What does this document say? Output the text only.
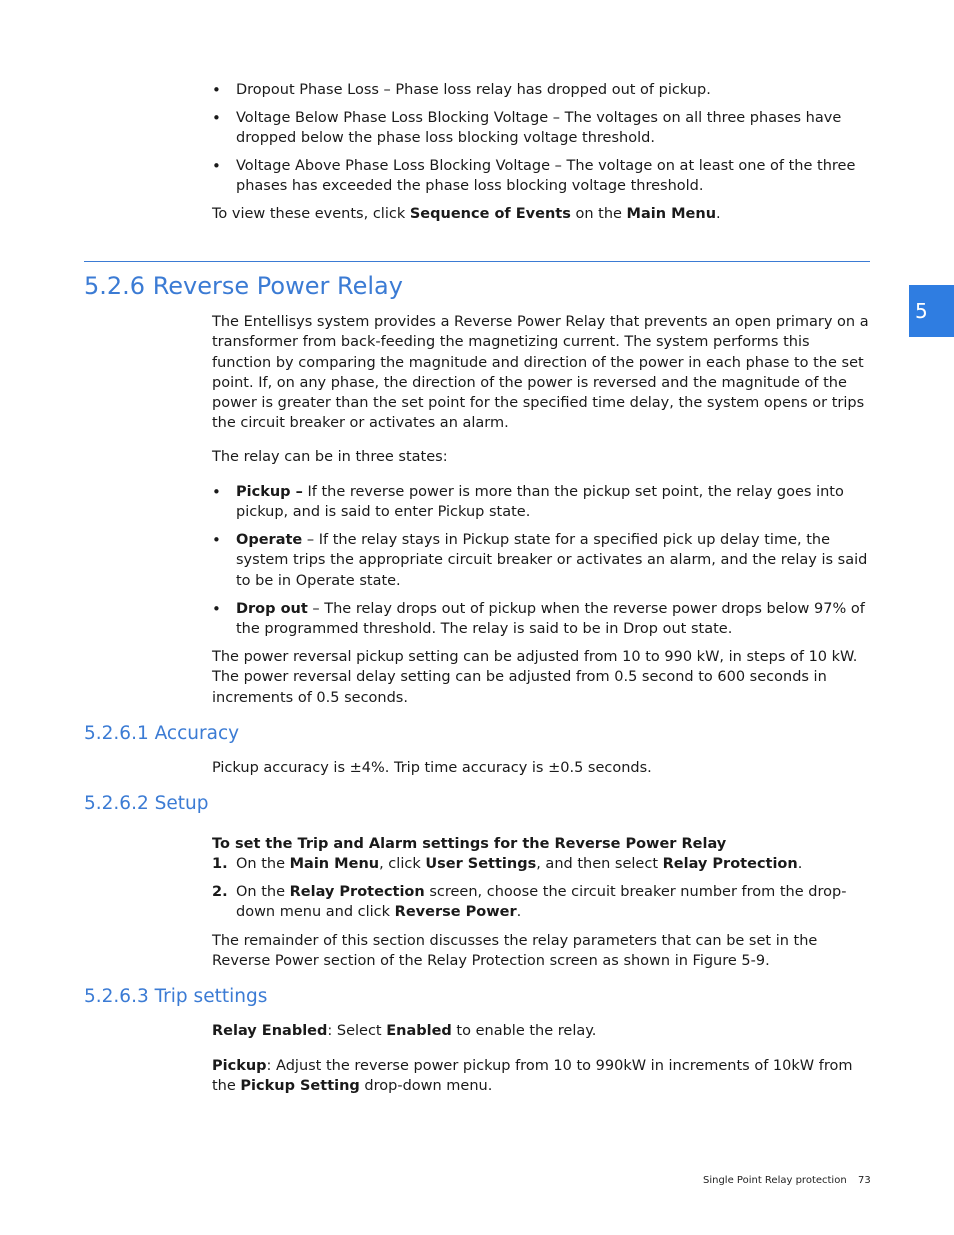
•	Dropout Phase Loss – Phase loss relay has dropped out of pickup.
•	Voltage Below Phase Loss Blocking Voltage – The voltages on all three phases have dropped below the phase loss blocking voltage threshold.
•	Voltage Above Phase Loss Blocking Voltage – The voltage on at least one of the three phases has exceeded the phase loss blocking voltage threshold.
To view these events, click Sequence of Events on the Main Menu.
5.2.6 Reverse Power Relay
5
The Entellisys system provides a Reverse Power Relay that prevents an open primary on a transformer from back-feeding the magnetizing current. The system performs this function by comparing the magnitude and direction of the power in each phase to the set point. If, on any phase, the direction of the power is reversed and the magnitude of the power is greater than the set point for the specified time delay, the system opens or trips the circuit breaker or activates an alarm.
The relay can be in three states:
•	Pickup – If the reverse power is more than the pickup set point, the relay goes into pickup, and is said to enter Pickup state.
•	Operate – If the relay stays in Pickup state for a specified pick up delay time, the system trips the appropriate circuit breaker or activates an alarm, and the relay is said to be in Operate state.
•	Drop out – The relay drops out of pickup when the reverse power drops below 97% of the programmed threshold. The relay is said to be in Drop out state.
The power reversal pickup setting can be adjusted from 10 to 990 kW, in steps of 10 kW. The power reversal delay setting can be adjusted from 0.5 second to 600 seconds in increments of 0.5 seconds.
5.2.6.1 Accuracy
Pickup accuracy is ±4%. Trip time accuracy is ±0.5 seconds.
5.2.6.2 Setup
To set the Trip and Alarm settings for the Reverse Power Relay
1. On the Main Menu, click User Settings, and then select Relay Protection.
2. On the Relay Protection screen, choose the circuit breaker number from the drop-down menu and click Reverse Power.
The remainder of this section discusses the relay parameters that can be set in the Reverse Power section of the Relay Protection screen as shown in Figure 5-9.
5.2.6.3 Trip settings
Relay Enabled: Select Enabled to enable the relay.
Pickup: Adjust the reverse power pickup from 10 to 990kW in increments of 10kW from the Pickup Setting drop-down menu.
Single Point Relay protection 73
